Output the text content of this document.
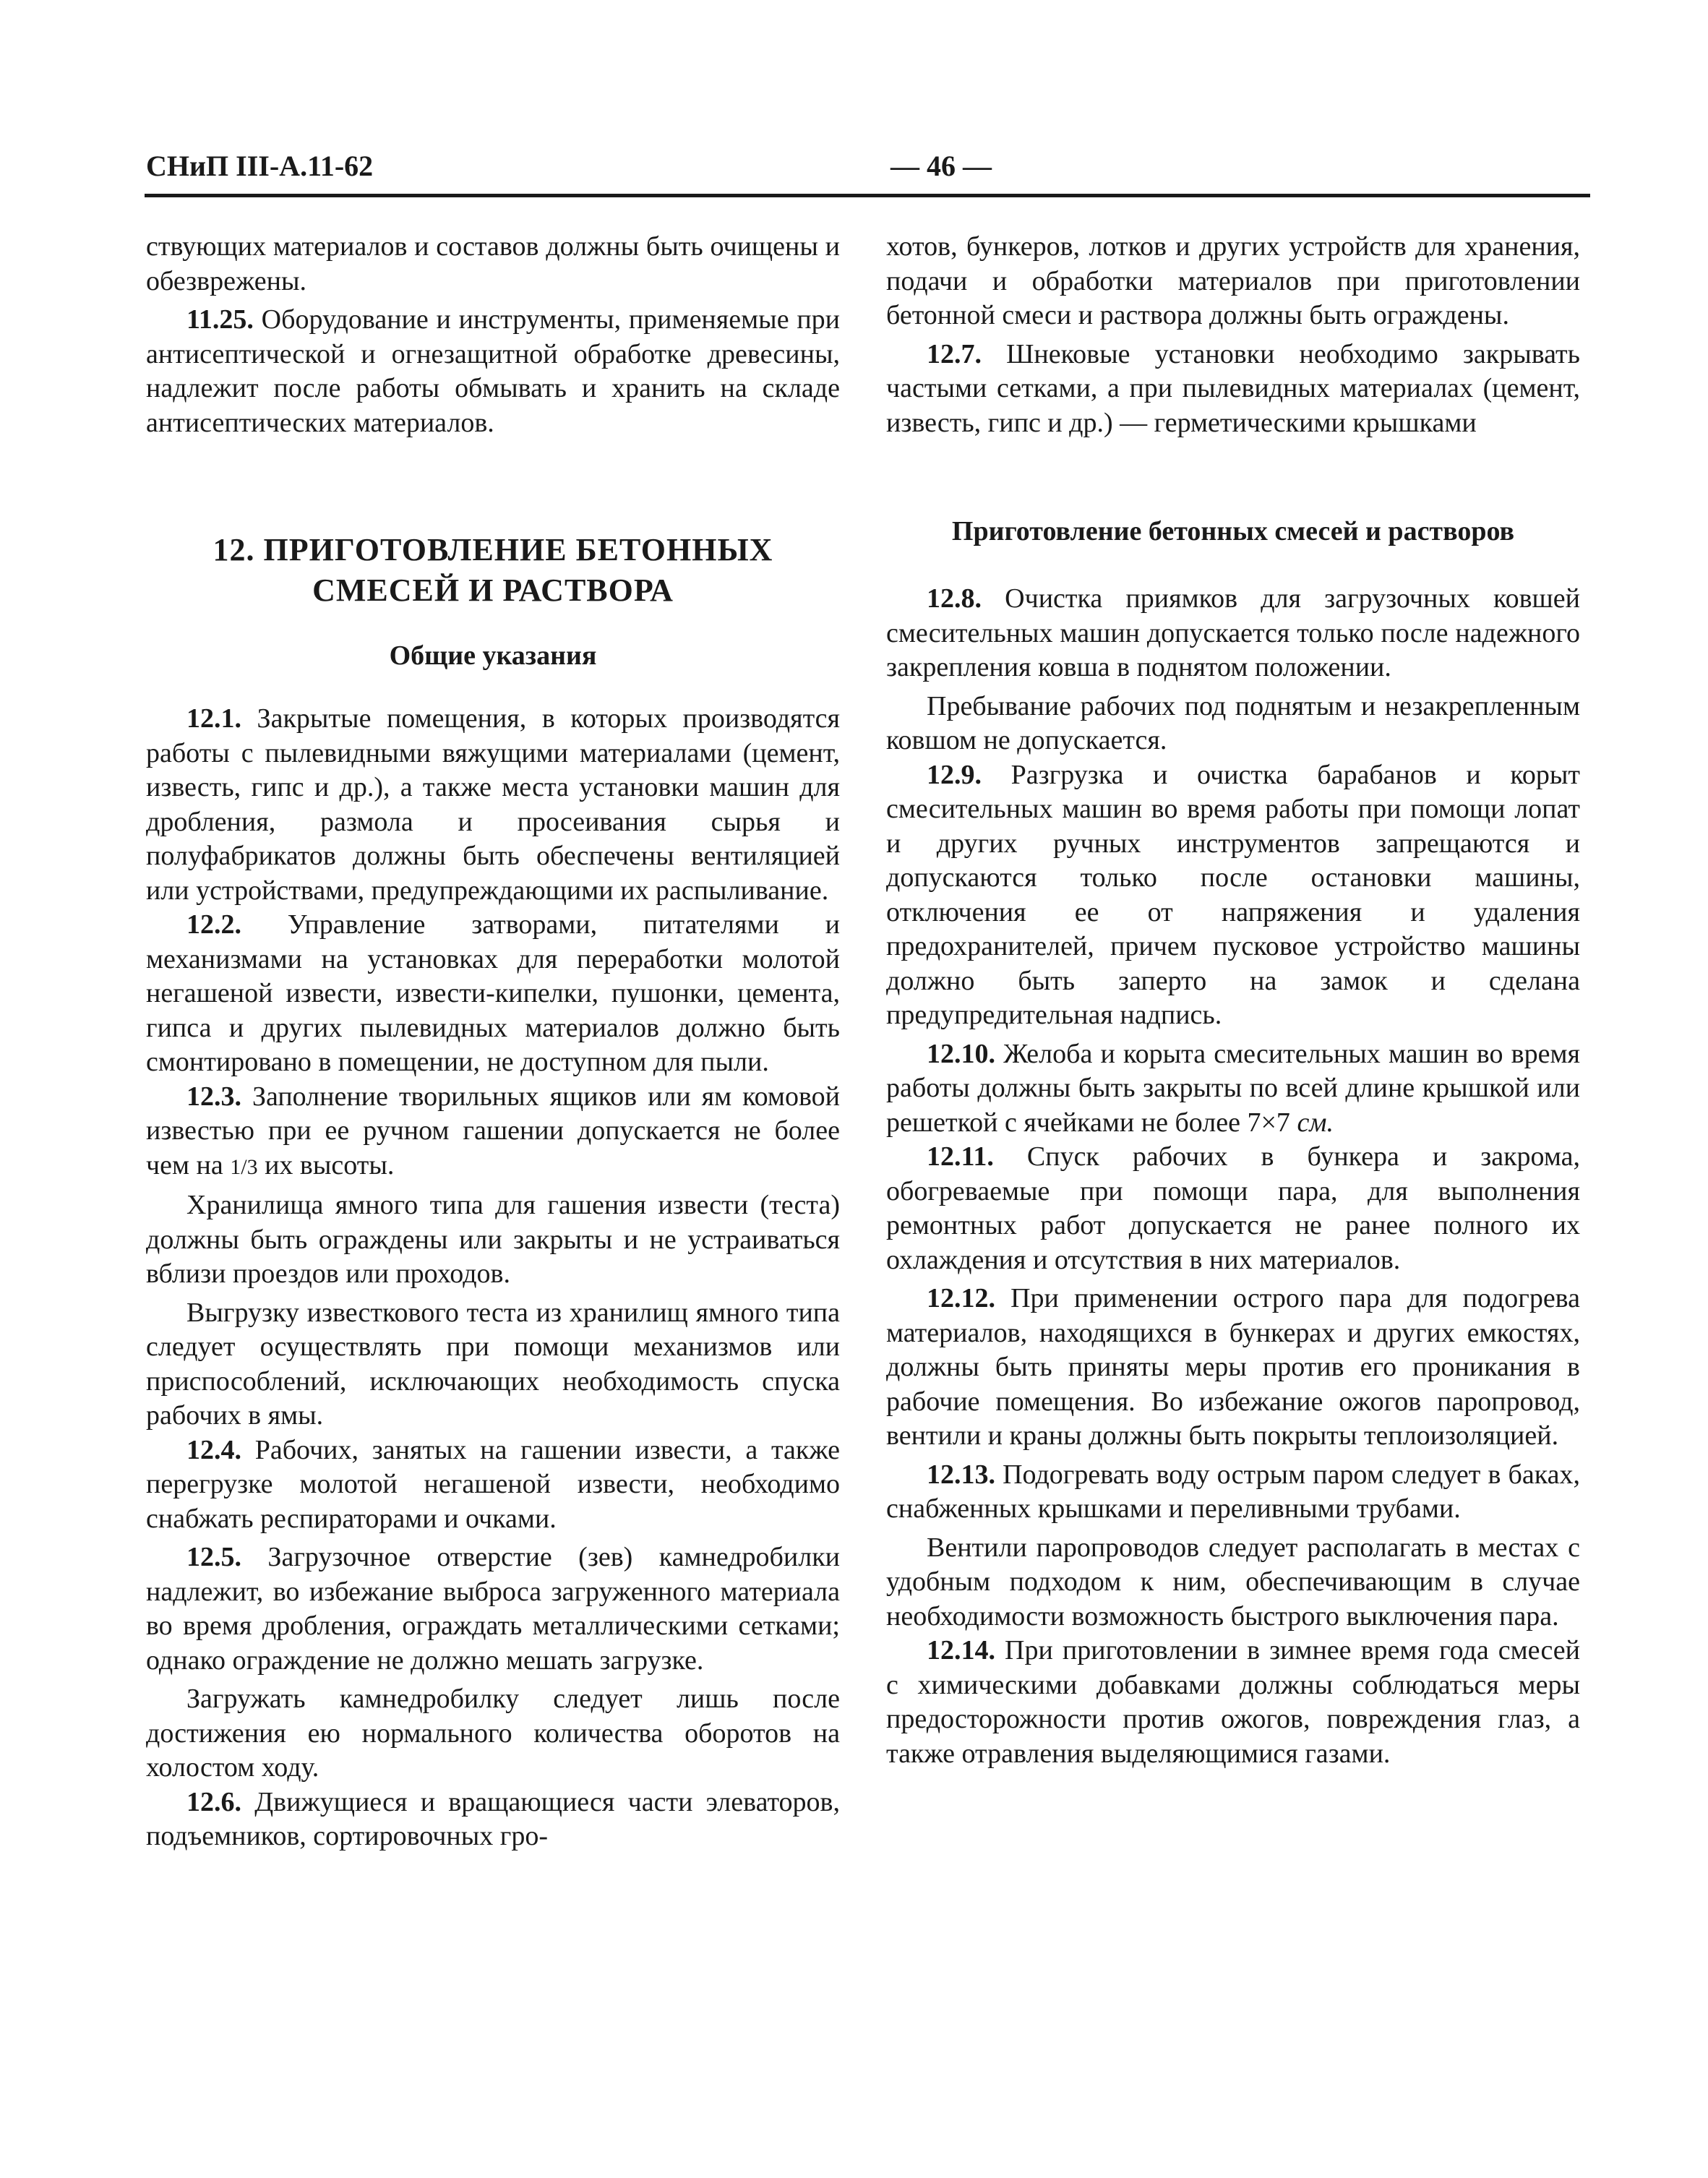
СНиП III-A.11-62	— 46 —

ствующих материалов и составов должны быть очищены и обезврежены.

11.25. Оборудование и инструменты, применяемые при антисептической и огнезащитной обработке древесины, надлежит после работы обмывать и хранить на складе антисептических материалов.

12. ПРИГОТОВЛЕНИЕ БЕТОННЫХ

СМЕСЕЙ И РАСТВОРА

Общие указания

12.1. Закрытые помещения, в которых производятся работы с пылевидными вяжущими материалами (цемент, известь, гипс и др.), а также места установки машин для дробления, размола и просеивания сырья и полуфабрикатов должны быть обеспечены вентиляцией или устройствами, предупреждающими их распыливание.

12.2. Управление затворами, питателями и механизмами на установках для переработки молотой негашеной извести, извести-кипелки, пушонки, цемента, гипса и других пылевидных материалов должно быть смонтировано в помещении, не доступном для пыли.

12.3. Заполнение творильных ящиков или ям комовой известью при ее ручном гашении допускается не более чем на 1/3 их высоты.

Хранилища ямного типа для гашения извести (теста) должны быть ограждены или закрыты и не устраиваться вблизи проездов или проходов.

Выгрузку известкового теста из хранилищ ямного типа следует осуществлять при помощи механизмов или приспособлений, исключающих необходимость спуска рабочих в ямы.

12.4. Рабочих, занятых на гашении извести, а также перегрузке молотой негашеной извести, необходимо снабжать респираторами и очками.

12.5. Загрузочное отверстие (зев) камнедробилки надлежит, во избежание выброса загруженного материала во время дробления, ограждать металлическими сетками; однако ограждение не должно мешать загрузке.

Загружать камнедробилку следует лишь после достижения ею нормального количества оборотов на холостом ходу.

12.6. Движущиеся и вращающиеся части элеваторов, подъемников, сортировочных гро-

хотов, бункеров, лотков и других устройств для хранения, подачи и обработки материалов при приготовлении бетонной смеси и раствора должны быть ограждены.

12.7. Шнековые установки необходимо закрывать частыми сетками, а при пылевидных материалах (цемент, известь, гипс и др.) — герметическими крышками

Приготовление бетонных смесей и растворов

12.8. Очистка приямков для загрузочных ковшей смесительных машин допускается только после надежного закрепления ковша в поднятом положении.

Пребывание рабочих под поднятым и незакрепленным ковшом не допускается.

12.9. Разгрузка и очистка барабанов и корыт смесительных машин во время работы при помощи лопат и других ручных инструментов запрещаются и допускаются только после остановки машины, отключения ее от напряжения и удаления предохранителей, причем пусковое устройство машины должно быть заперто на замок и сделана предупредительная надпись.

12.10. Желоба и корыта смесительных машин во время работы должны быть закрыты по всей длине крышкой или решеткой с ячейками не более 7×7 см.

12.11. Спуск рабочих в бункера и закрома, обогреваемые при помощи пара, для выполнения ремонтных работ допускается не ранее полного их охлаждения и отсутствия в них материалов.

12.12. При применении острого пара для подогрева материалов, находящихся в бункерах и других емкостях, должны быть приняты меры против его проникания в рабочие помещения. Во избежание ожогов паропровод, вентили и краны должны быть покрыты теплоизоляцией.

12.13. Подогревать воду острым паром следует в баках, снабженных крышками и переливными трубами.

Вентили паропроводов следует располагать в местах с удобным подходом к ним, обеспечивающим в случае необходимости возможность быстрого выключения пара.

12.14. При приготовлении в зимнее время года смесей с химическими добавками должны соблюдаться меры предосторожности против ожогов, повреждения глаз, а также отравления выделяющимися газами.
